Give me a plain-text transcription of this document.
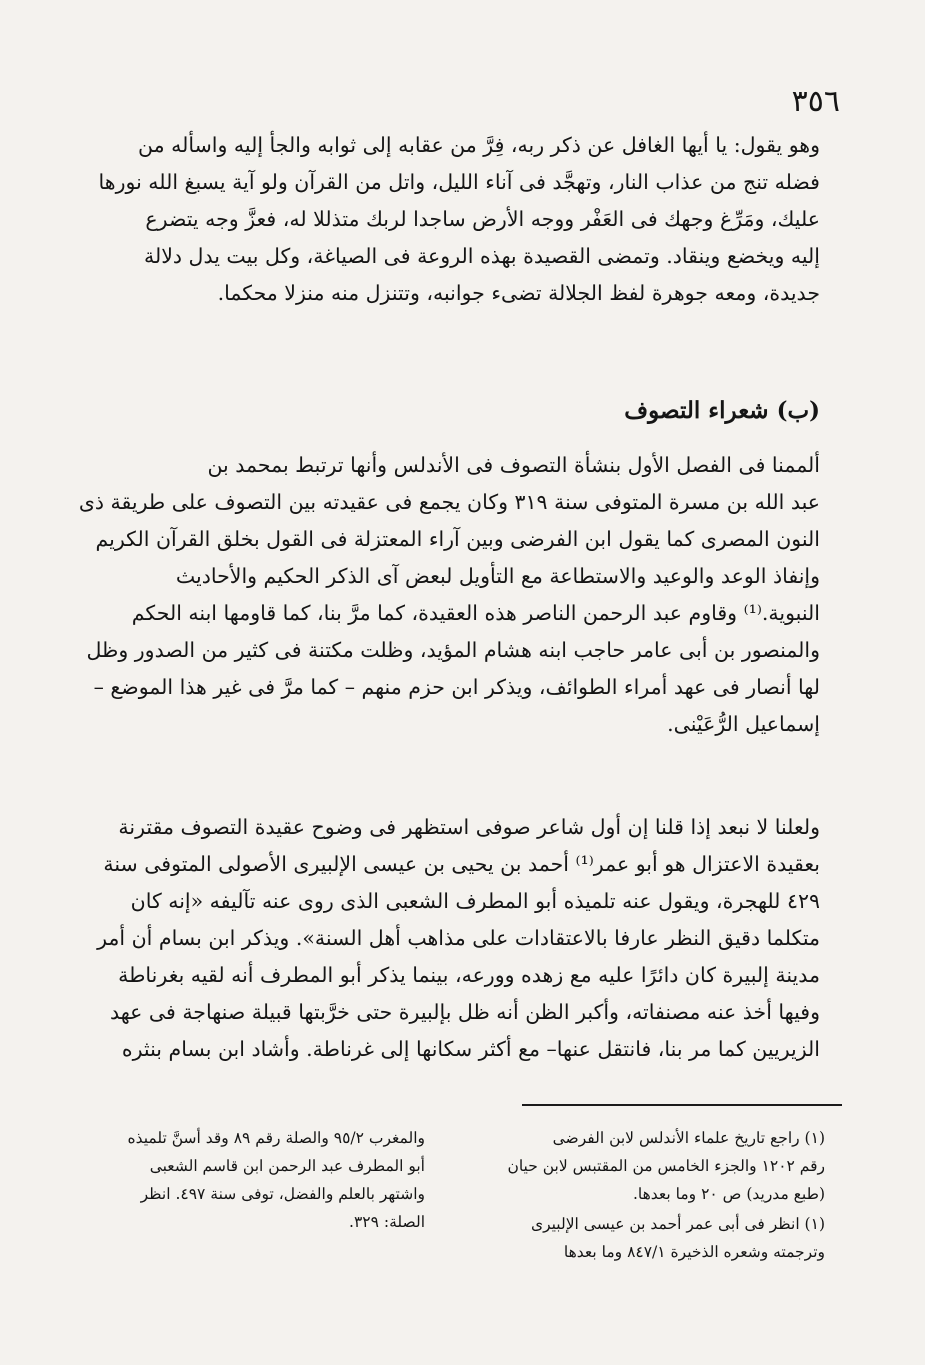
٣٥٦
وهو يقول: يا أيها الغافل عن ذكر ربه، فِرَّ من عقابه إلى ثوابه والجأ إليه واسأله من
فضله تنج من عذاب النار، وتهجَّد فى آناء الليل، واتل من القرآن ولو آية يسبغ الله نورها
عليك، ومَرِّغ وجهك فى العَفْر ووجه الأرض ساجدا لربك متذللا له، فعزَّ وجه يتضرع
إليه ويخضع وينقاد. وتمضى القصيدة بهذه الروعة فى الصياغة، وكل بيت يدل دلالة
جديدة، ومعه جوهرة لفظ الجلالة تضىء جوانبه، وتتنزل منه منزلا محكما.
(ب) شعراء التصوف
ألممنا فى الفصل الأول بنشأة التصوف فى الأندلس وأنها ترتبط بمحمد بن
عبد الله بن مسرة المتوفى سنة ٣١٩ وكان يجمع فى عقيدته بين التصوف على طريقة ذى
النون المصرى كما يقول ابن الفرضى وبين آراء المعتزلة فى القول بخلق القرآن الكريم
وإنفاذ الوعد والوعيد والاستطاعة مع التأويل لبعض آى الذكر الحكيم والأحاديث
النبوية.⁽¹⁾ وقاوم عبد الرحمن الناصر هذه العقيدة، كما مرَّ بنا، كما قاومها ابنه الحكم
والمنصور بن أبى عامر حاجب ابنه هشام المؤيد، وظلت مكتنة فى كثير من الصدور وظل
لها أنصار فى عهد أمراء الطوائف، ويذكر ابن حزم منهم – كما مرَّ فى غير هذا الموضع –
إسماعيل الرُّعَيْنى.
ولعلنا لا نبعد إذا قلنا إن أول شاعر صوفى استظهر فى وضوح عقيدة التصوف مقترنة
بعقيدة الاعتزال هو أبو عمر⁽¹⁾ أحمد بن يحيى بن عيسى الإلبيرى الأصولى المتوفى سنة
٤٢٩ للهجرة، ويقول عنه تلميذه أبو المطرف الشعبى الذى روى عنه تآليفه «إنه كان
متكلما دقيق النظر عارفا بالاعتقادات على مذاهب أهل السنة». ويذكر ابن بسام أن أمر
مدينة إلبيرة كان دائرًا عليه مع زهده وورعه، بينما يذكر أبو المطرف أنه لقيه بغرناطة
وفيها أخذ عنه مصنفاته، وأكبر الظن أنه ظل بإلبيرة حتى خرَّبتها قبيلة صنهاجة فى عهد
الزيريين كما مر بنا، فانتقل عنها– مع أكثر سكانها إلى غرناطة. وأشاد ابن بسام بنثره
(١) راجع تاريخ علماء الأندلس لابن الفرضى
رقم ١٢٠٢ والجزء الخامس من المقتبس لابن حيان
(طبع مدريد) ص ٢٠ وما بعدها.
(١) انظر فى أبى عمر أحمد بن عيسى الإلبيرى
وترجمته وشعره الذخيرة ٨٤٧/١ وما بعدها
والمغرب ٩٥/٢ والصلة رقم ٨٩ وقد أسنَّ تلميذه
أبو المطرف عبد الرحمن ابن قاسم الشعبى
واشتهر بالعلم والفضل، توفى سنة ٤٩٧. انظر
الصلة: ٣٢٩.
